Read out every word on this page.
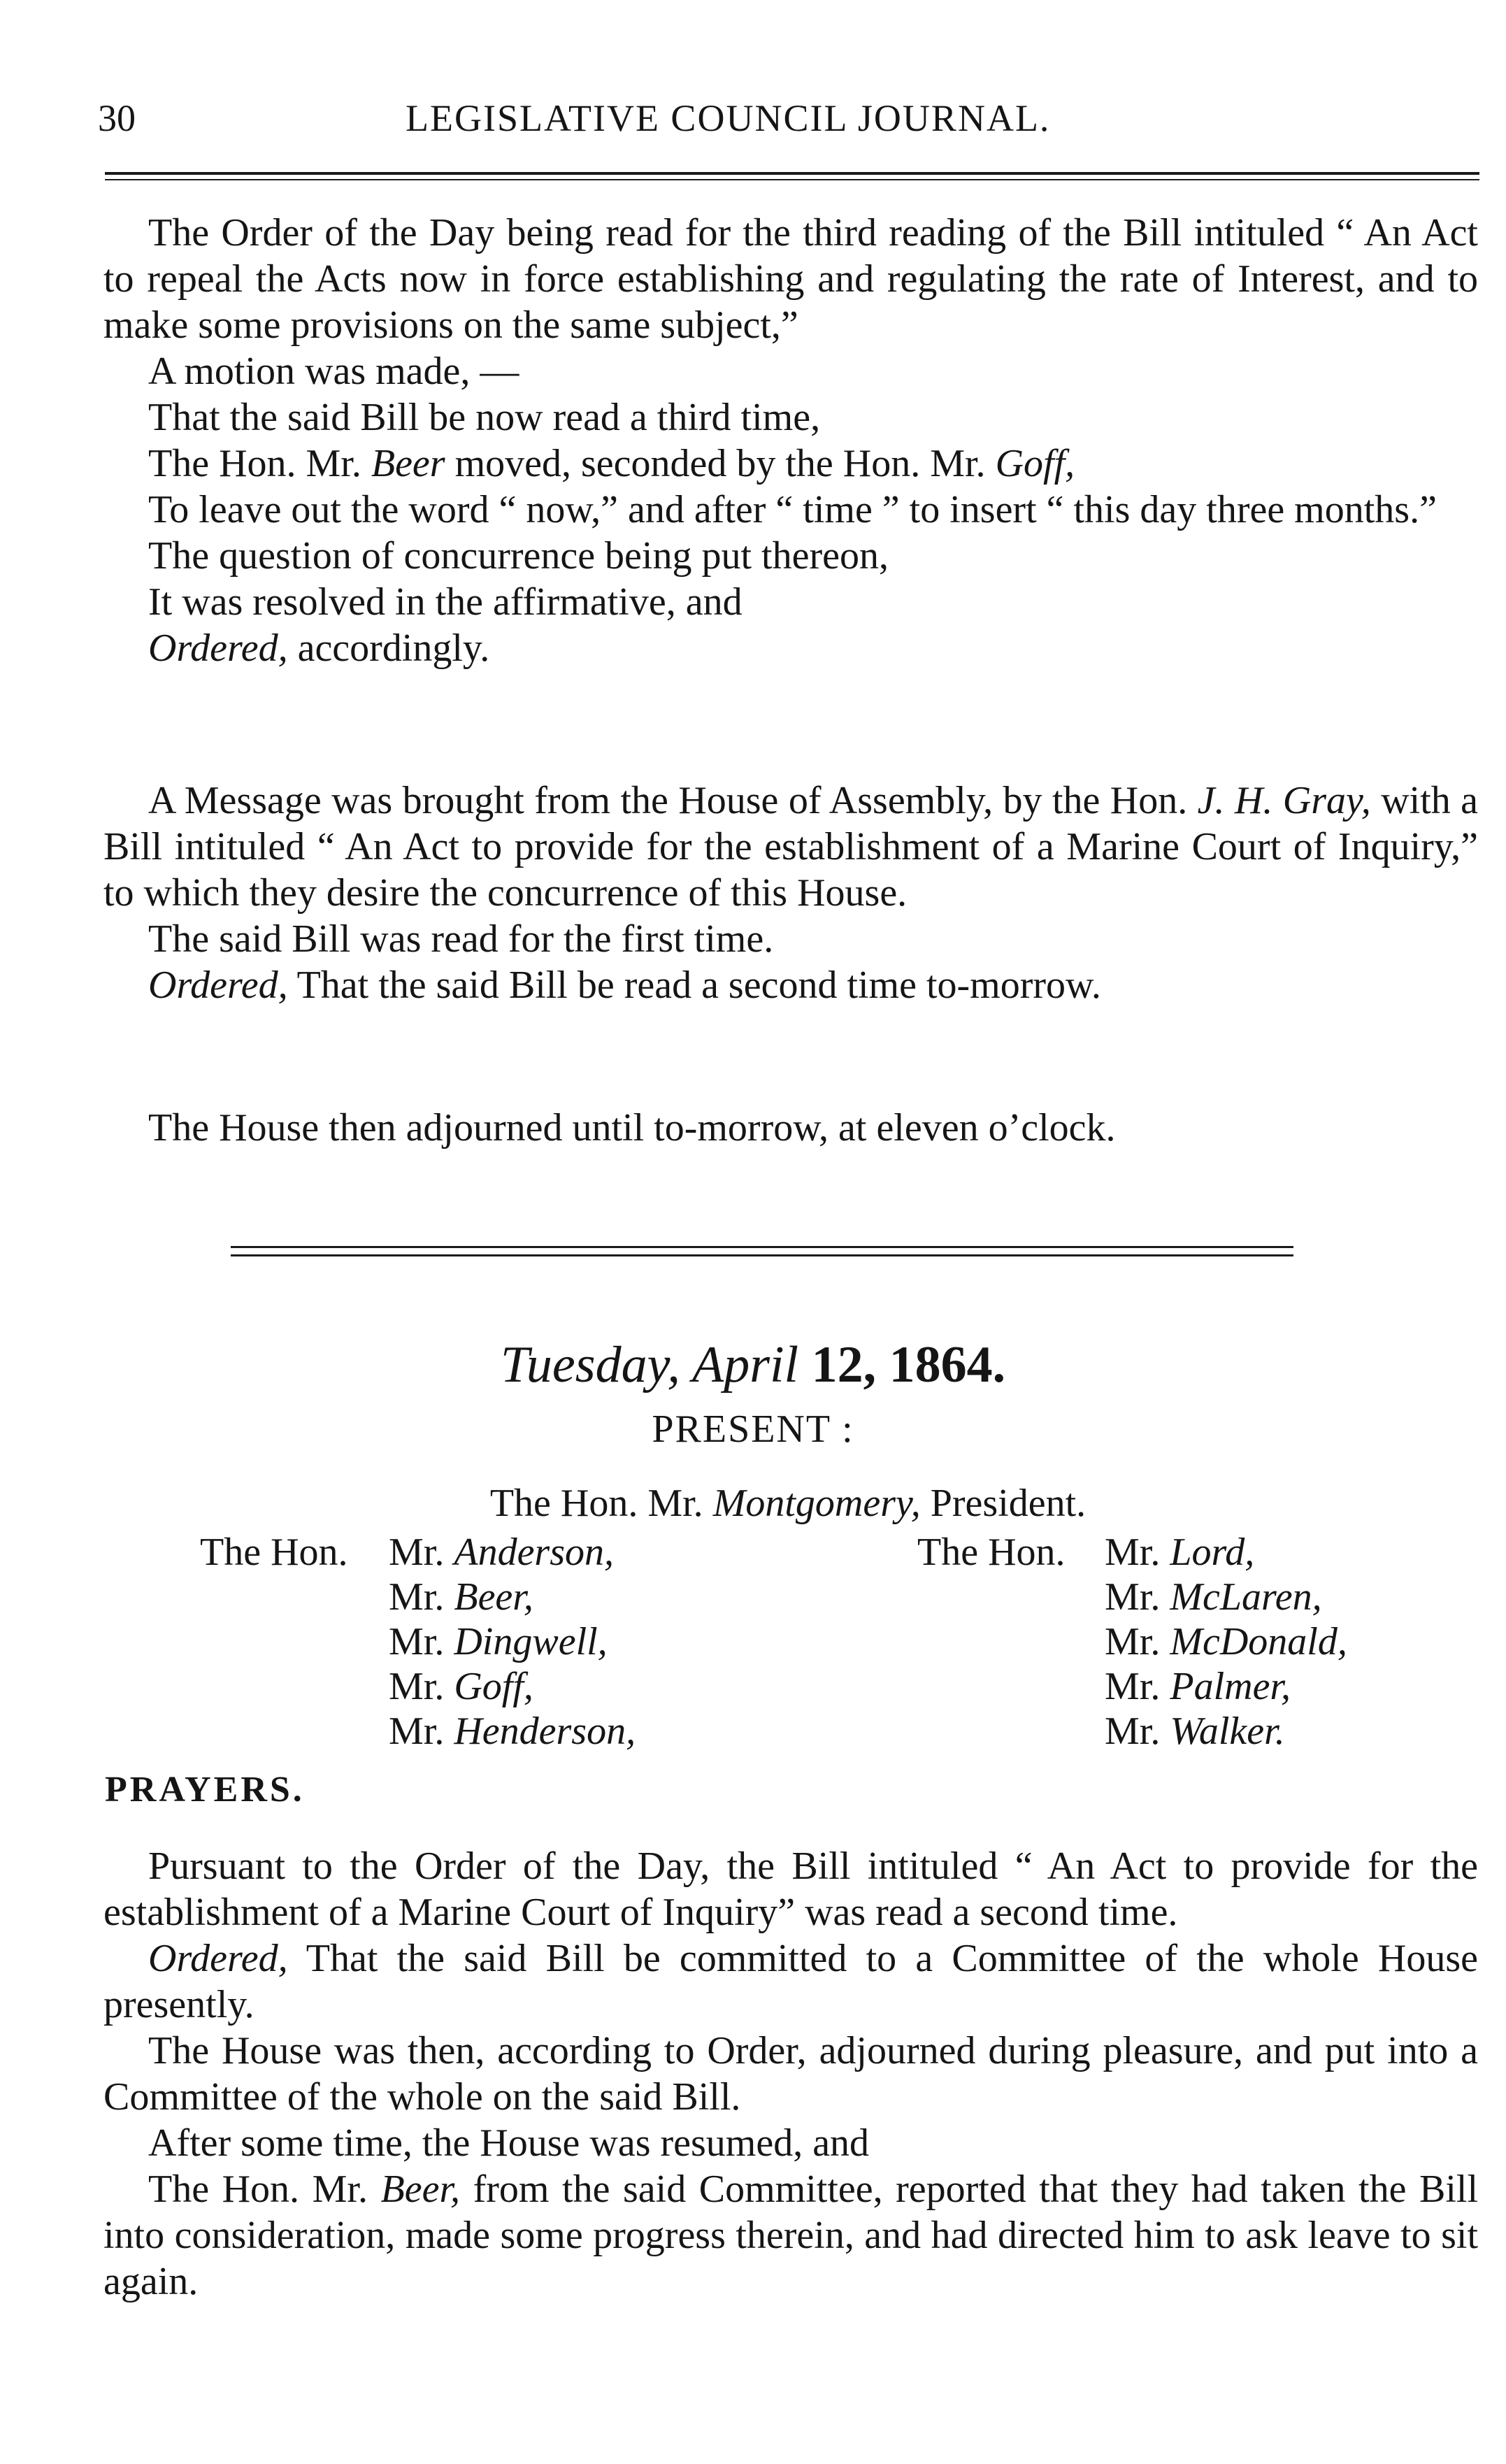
30	LEGISLATIVE COUNCIL JOURNAL.

The Order of the Day being read for the third reading of the Bill intituled “ An Act to repeal the Acts now in force establishing and regulating the rate of Interest, and to make some provisions on the same subject,”

A motion was made, —

That the said Bill be now read a third time,

The Hon. Mr. Beer moved, seconded by the Hon. Mr. Goff,

To leave out the word “ now,” and after “ time ” to insert “ this day three months.”

The question of concurrence being put thereon,

It was resolved in the affirmative, and

Ordered, accordingly.

A Message was brought from the House of Assembly, by the Hon. J. H. Gray, with a Bill intituled “ An Act to provide for the establishment of a Marine Court of Inquiry,” to which they desire the concurrence of this House.

The said Bill was read for the first time.

Ordered, That the said Bill be read a second time to-morrow.

The House then adjourned until to-morrow, at eleven o’clock.

Tuesday, April 12, 1864.
PRESENT :
The Hon. Mr. Montgomery, President.
The Hon. Mr. Anderson,
Mr. Beer,
Mr. Dingwell,
Mr. Goff,
Mr. Henderson,
The Hon. Mr. Lord,
Mr. McLaren,
Mr. McDonald,
Mr. Palmer,
Mr. Walker.
PRAYERS.

Pursuant to the Order of the Day, the Bill intituled “ An Act to provide for the establishment of a Marine Court of Inquiry” was read a second time.

Ordered, That the said Bill be committed to a Committee of the whole House presently.

The House was then, according to Order, adjourned during pleasure, and put into a Committee of the whole on the said Bill.

After some time, the House was resumed, and

The Hon. Mr. Beer, from the said Committee, reported that they had taken the Bill into consideration, made some progress therein, and had directed him to ask leave to sit again.
